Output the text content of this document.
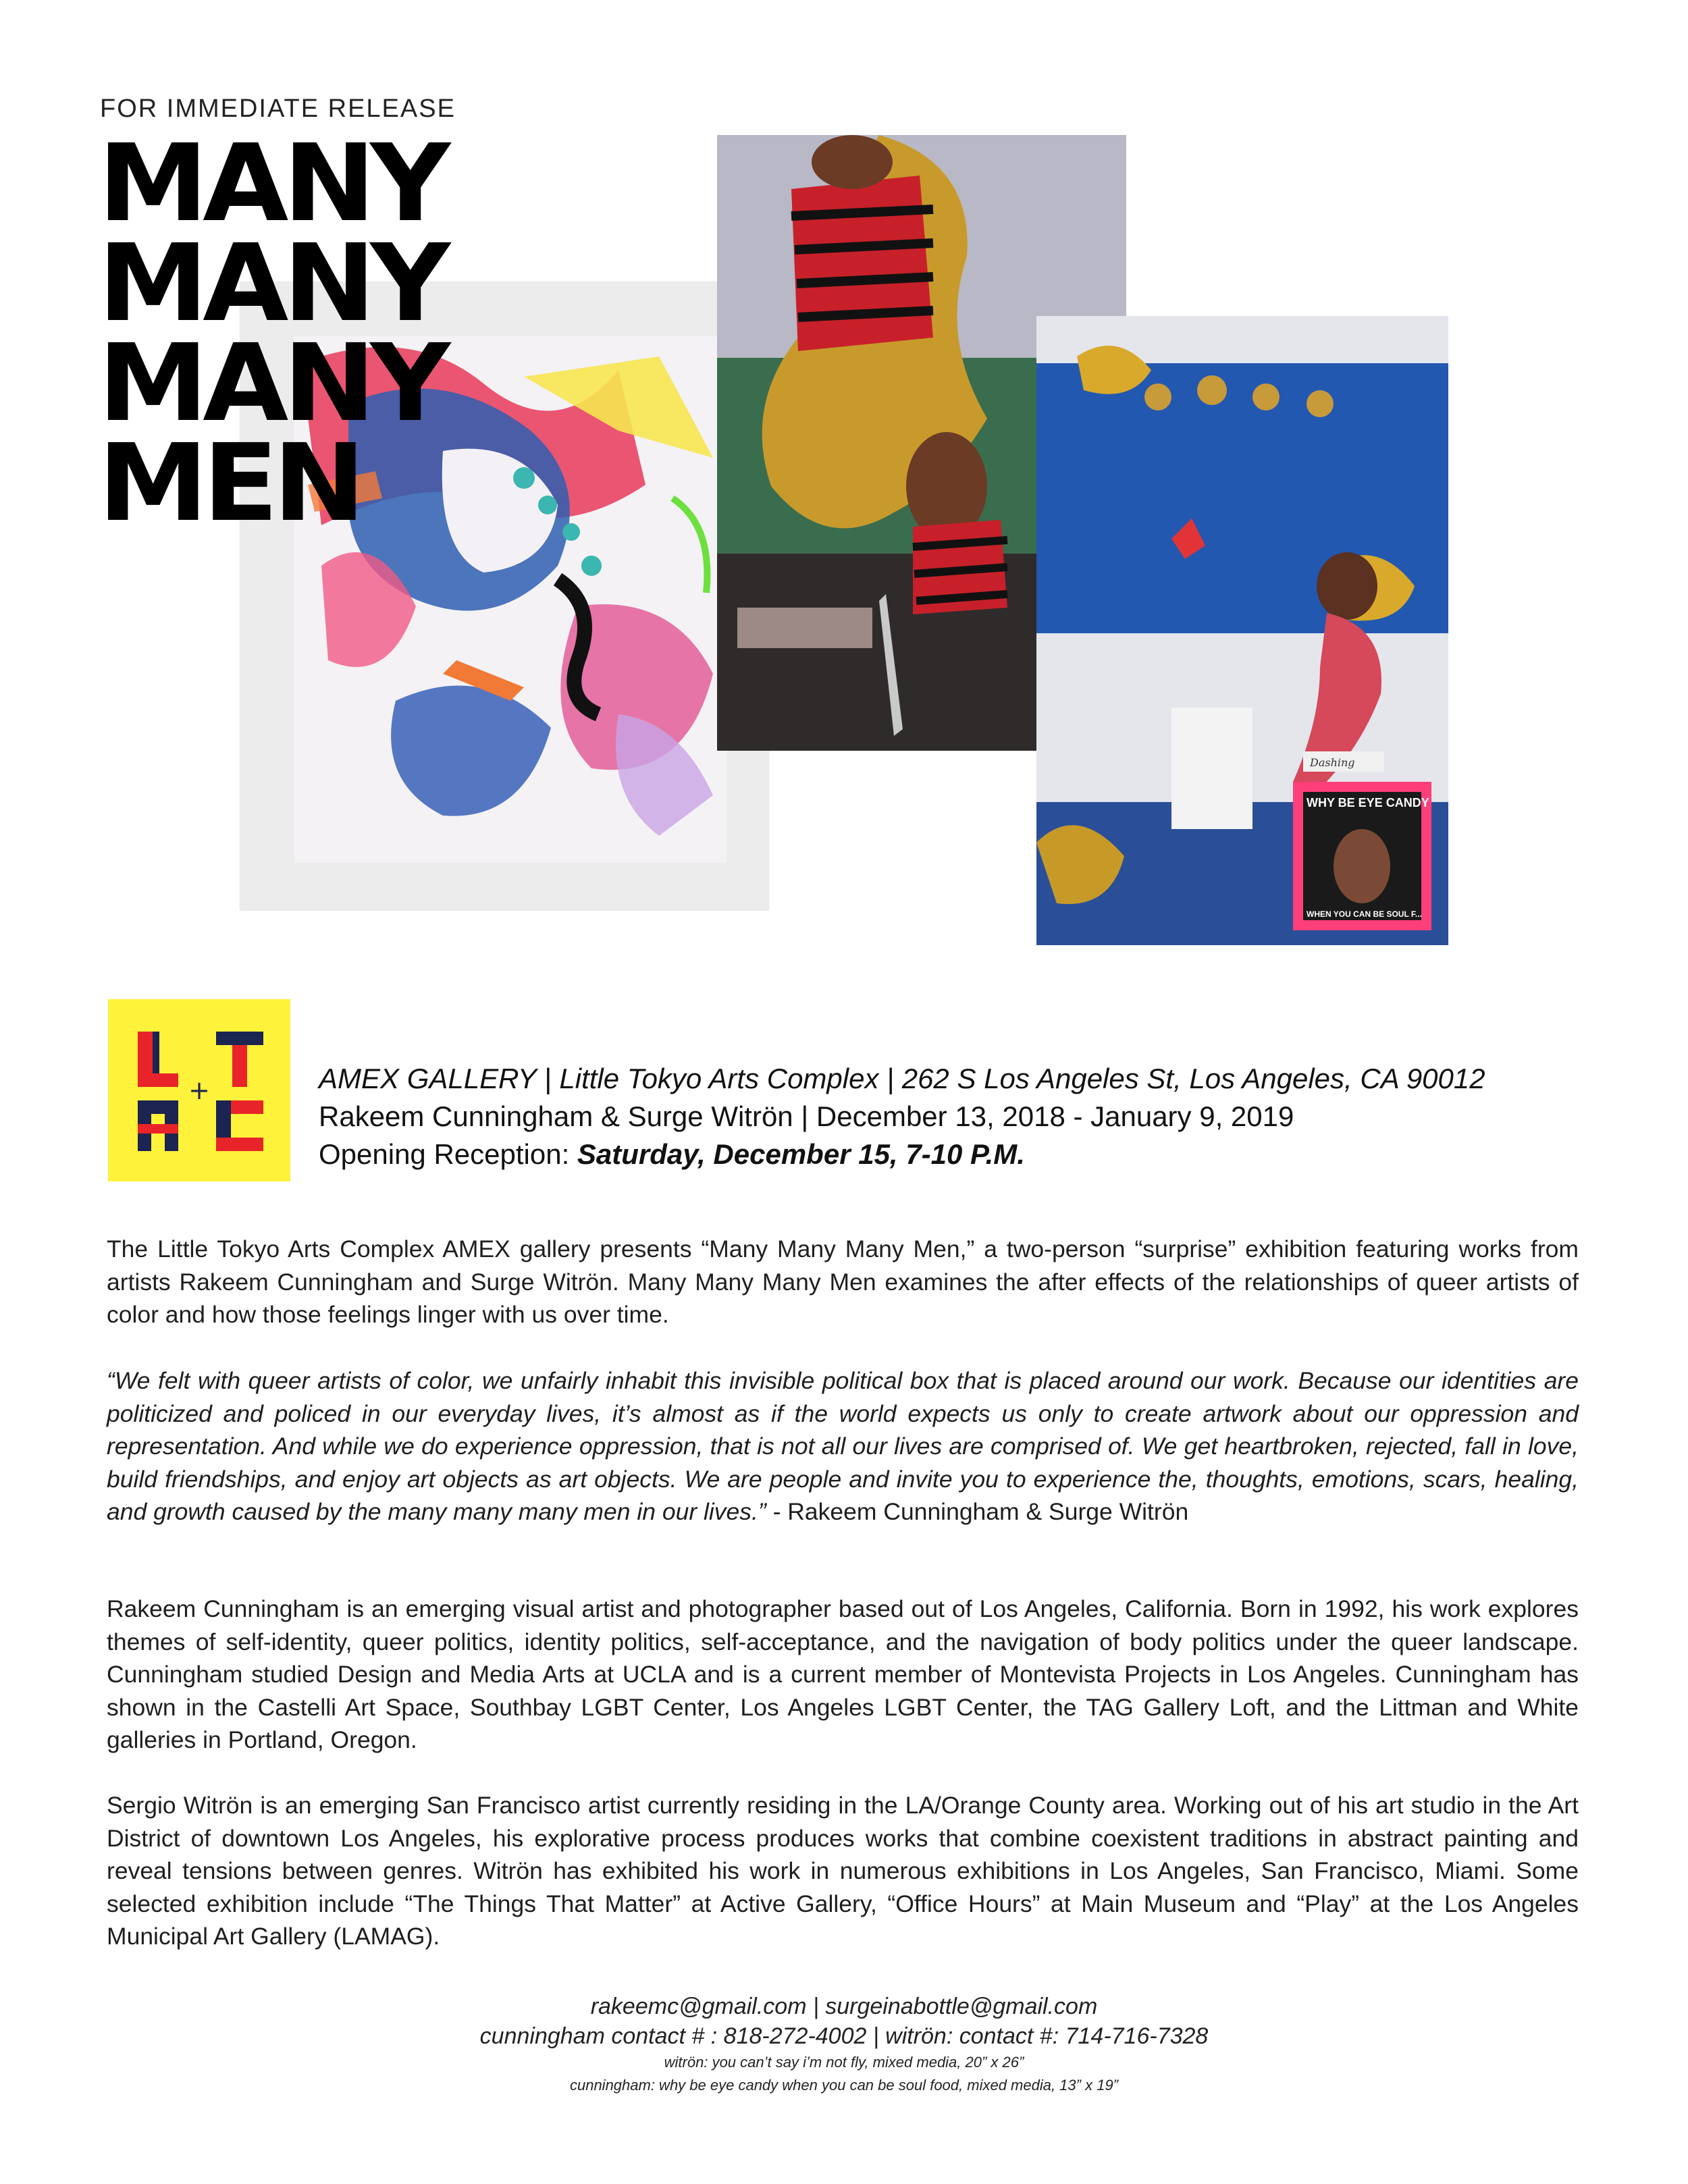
FOR IMMEDIATE RELEASE
MANY
MANY
MANY
MEN
Dashing
WHY BE EYE CANDY
WHEN YOU CAN BE SOUL F...
+	AMEX GALLERY | Little Tokyo Arts Complex | 262 S Los Angeles St, Los Angeles, CA 90012
Rakeem Cunningham & Surge Witrön | December 13, 2018 - January 9, 2019
Opening Reception: Saturday, December 15, 7-10 P.M.
The Little Tokyo Arts Complex AMEX gallery presents “Many Many Many Men,” a two-person “surprise” exhibition featuring works from artists Rakeem Cunningham and Surge Witrön. Many Many Many Men examines the after effects of the relationships of queer artists of color and how those feelings linger with us over time.
“We felt with queer artists of color, we unfairly inhabit this invisible political box that is placed around our work. Because our identities are politicized and policed in our everyday lives, it’s almost as if the world expects us only to create artwork about our oppression and representation. And while we do experience oppression, that is not all our lives are comprised of. We get heartbroken, rejected, fall in love, build friendships, and enjoy art objects as art objects. We are people and invite you to experience the, thoughts, emotions, scars, healing, and growth caused by the many many many men in our lives.” - Rakeem Cunningham & Surge Witrön
Rakeem Cunningham is an emerging visual artist and photographer based out of Los Angeles, California. Born in 1992, his work explores themes of self-identity, queer politics, identity politics, self-acceptance, and the navigation of body politics under the queer landscape. Cunningham studied Design and Media Arts at UCLA and is a current member of Montevista Projects in Los Angeles. Cunningham has shown in the Castelli Art Space, Southbay LGBT Center, Los Angeles LGBT Center, the TAG Gallery Loft, and the Littman and White galleries in Portland, Oregon.
Sergio Witrön is an emerging San Francisco artist currently residing in the LA/Orange County area. Working out of his art studio in the Art District of downtown Los Angeles, his explorative process produces works that combine coexistent traditions in abstract painting and reveal tensions between genres. Witrön has exhibited his work in numerous exhibitions in Los Angeles, San Francisco, Miami. Some selected exhibition include “The Things That Matter” at Active Gallery, “Office Hours” at Main Museum and “Play” at the Los Angeles Municipal Art Gallery (LAMAG).
rakeemc@gmail.com | surgeinabottle@gmail.com
cunningham contact # : 818-272-4002 | witrön: contact #: 714-716-7328
witrön: you can’t say i’m not fly, mixed media, 20” x 26”
cunningham: why be eye candy when you can be soul food, mixed media, 13” x 19”
